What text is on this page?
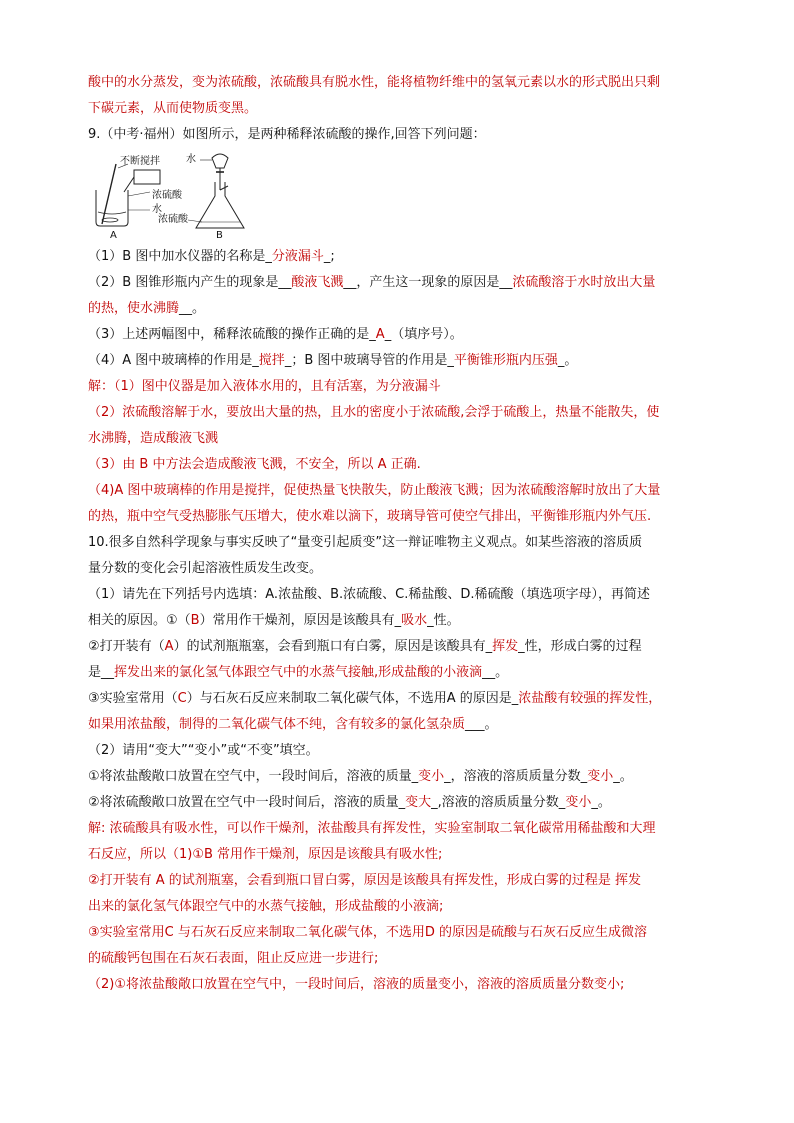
酸中的水分蒸发，变为浓硫酸，浓硫酸具有脱水性，能将植物纤维中的氢氧元素以水的形式脱出只剩
下碳元素，从而使物质变黑。
9.（中考·福州）如图所示，是两种稀释浓硫酸的操作,回答下列问题：
不断搅拌
浓硫酸
水
A
水
浓硫酸
B
（1）B 图中加水仪器的名称是_分液漏斗_;
（2）B 图锥形瓶内产生的现象是__酸液飞溅__，产生这一现象的原因是__浓硫酸溶于水时放出大量
的热，使水沸腾__。
（3）上述两幅图中，稀释浓硫酸的操作正确的是_A_（填序号）。
（4）A 图中玻璃棒的作用是_搅拌_；B 图中玻璃导管的作用是_平衡锥形瓶内压强_。
解：（1）图中仪器是加入液体水用的，且有活塞，为分液漏斗
（2）浓硫酸溶解于水，要放出大量的热，且水的密度小于浓硫酸,会浮于硫酸上，热量不能散失，使
水沸腾，造成酸液飞溅
（3）由 B 中方法会造成酸液飞溅，不安全，所以 A 正确.
（4)A 图中玻璃棒的作用是搅拌，促使热量飞快散失，防止酸液飞溅；因为浓硫酸溶解时放出了大量
的热，瓶中空气受热膨胀气压增大，使水难以滴下，玻璃导管可使空气排出，平衡锥形瓶内外气压.
10.很多自然科学现象与事实反映了“量变引起质变”这一辩证唯物主义观点。如某些溶液的溶质质
量分数的变化会引起溶液性质发生改变。
（1）请先在下列括号内选填：A.浓盐酸、B.浓硫酸、C.稀盐酸、D.稀硫酸（填选项字母），再简述
相关的原因。①（B）常用作干燥剂，原因是该酸具有_吸水_性。
②打开装有（A）的试剂瓶瓶塞，会看到瓶口有白雾，原因是该酸具有_挥发_性，形成白雾的过程
是__挥发出来的氯化氢气体跟空气中的水蒸气接触,形成盐酸的小液滴__。
③实验室常用（C）与石灰石反应来制取二氧化碳气体，不选用A 的原因是_浓盐酸有较强的挥发性，
如果用浓盐酸，制得的二氧化碳气体不纯，含有较多的氯化氢杂质___。
（2）请用“变大”“变小”或“不变”填空。
①将浓盐酸敞口放置在空气中，一段时间后，溶液的质量_变小_，溶液的溶质质量分数_变小_。
②将浓硫酸敞口放置在空气中一段时间后，溶液的质量_变大_,溶液的溶质质量分数_变小_。
解: 浓硫酸具有吸水性，可以作干燥剂，浓盐酸具有挥发性，实验室制取二氧化碳常用稀盐酸和大理
石反应，所以（1)①B 常用作干燥剂，原因是该酸具有吸水性;
②打开装有 A 的试剂瓶塞，会看到瓶口冒白雾，原因是该酸具有挥发性，形成白雾的过程是 挥发
出来的氯化氢气体跟空气中的水蒸气接触，形成盐酸的小液滴;
③实验室常用C 与石灰石反应来制取二氧化碳气体，不选用D 的原因是硫酸与石灰石反应生成微溶
的硫酸钙包围在石灰石表面，阻止反应进一步进行;
（2)①将浓盐酸敞口放置在空气中，一段时间后，溶液的质量变小，溶液的溶质质量分数变小;
